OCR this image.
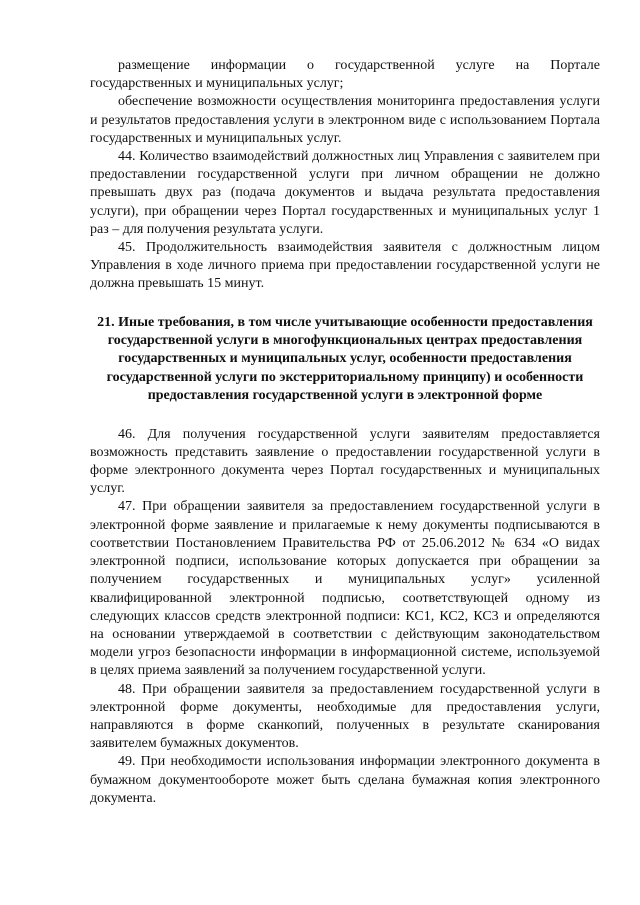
размещение информации о государственной услуге на Портале государственных и муниципальных услуг;

обеспечение возможности осуществления мониторинга предоставления услуги и результатов предоставления услуги в электронном виде с использованием Портала государственных и муниципальных услуг.

44. Количество взаимодействий должностных лиц Управления с заявителем при предоставлении государственной услуги при личном обращении не должно превышать двух раз (подача документов и выдача результата предоставления услуги), при обращении через Портал государственных и муниципальных услуг 1 раз – для получения результата услуги.

45. Продолжительность взаимодействия заявителя с должностным лицом Управления в ходе личного приема при предоставлении государственной услуги не должна превышать 15 минут.

21. Иные требования, в том числе учитывающие особенности предоставления государственной услуги в многофункциональных центрах предоставления государственных и муниципальных услуг, особенности предоставления государственной услуги по экстерриториальному принципу) и особенности предоставления государственной услуги в электронной форме

46. Для получения государственной услуги заявителям предоставляется возможность представить заявление о предоставлении государственной услуги в форме электронного документа через Портал государственных и муниципальных услуг.

47. При обращении заявителя за предоставлением государственной услуги в электронной форме заявление и прилагаемые к нему документы подписываются в соответствии Постановлением Правительства РФ от 25.06.2012 № 634 «О видах электронной подписи, использование которых допускается при обращении за получением государственных и муниципальных услуг» усиленной квалифицированной электронной подписью, соответствующей одному из следующих классов средств электронной подписи: КС1, КС2, КС3 и определяются на основании утверждаемой в соответствии с действующим законодательством модели угроз безопасности информации в информационной системе, используемой в целях приема заявлений за получением государственной услуги.

48. При обращении заявителя за предоставлением государственной услуги в электронной форме документы, необходимые для предоставления услуги, направляются в форме сканкопий, полученных в результате сканирования заявителем бумажных документов.

49. При необходимости использования информации электронного документа в бумажном документообороте может быть сделана бумажная копия электронного документа.
